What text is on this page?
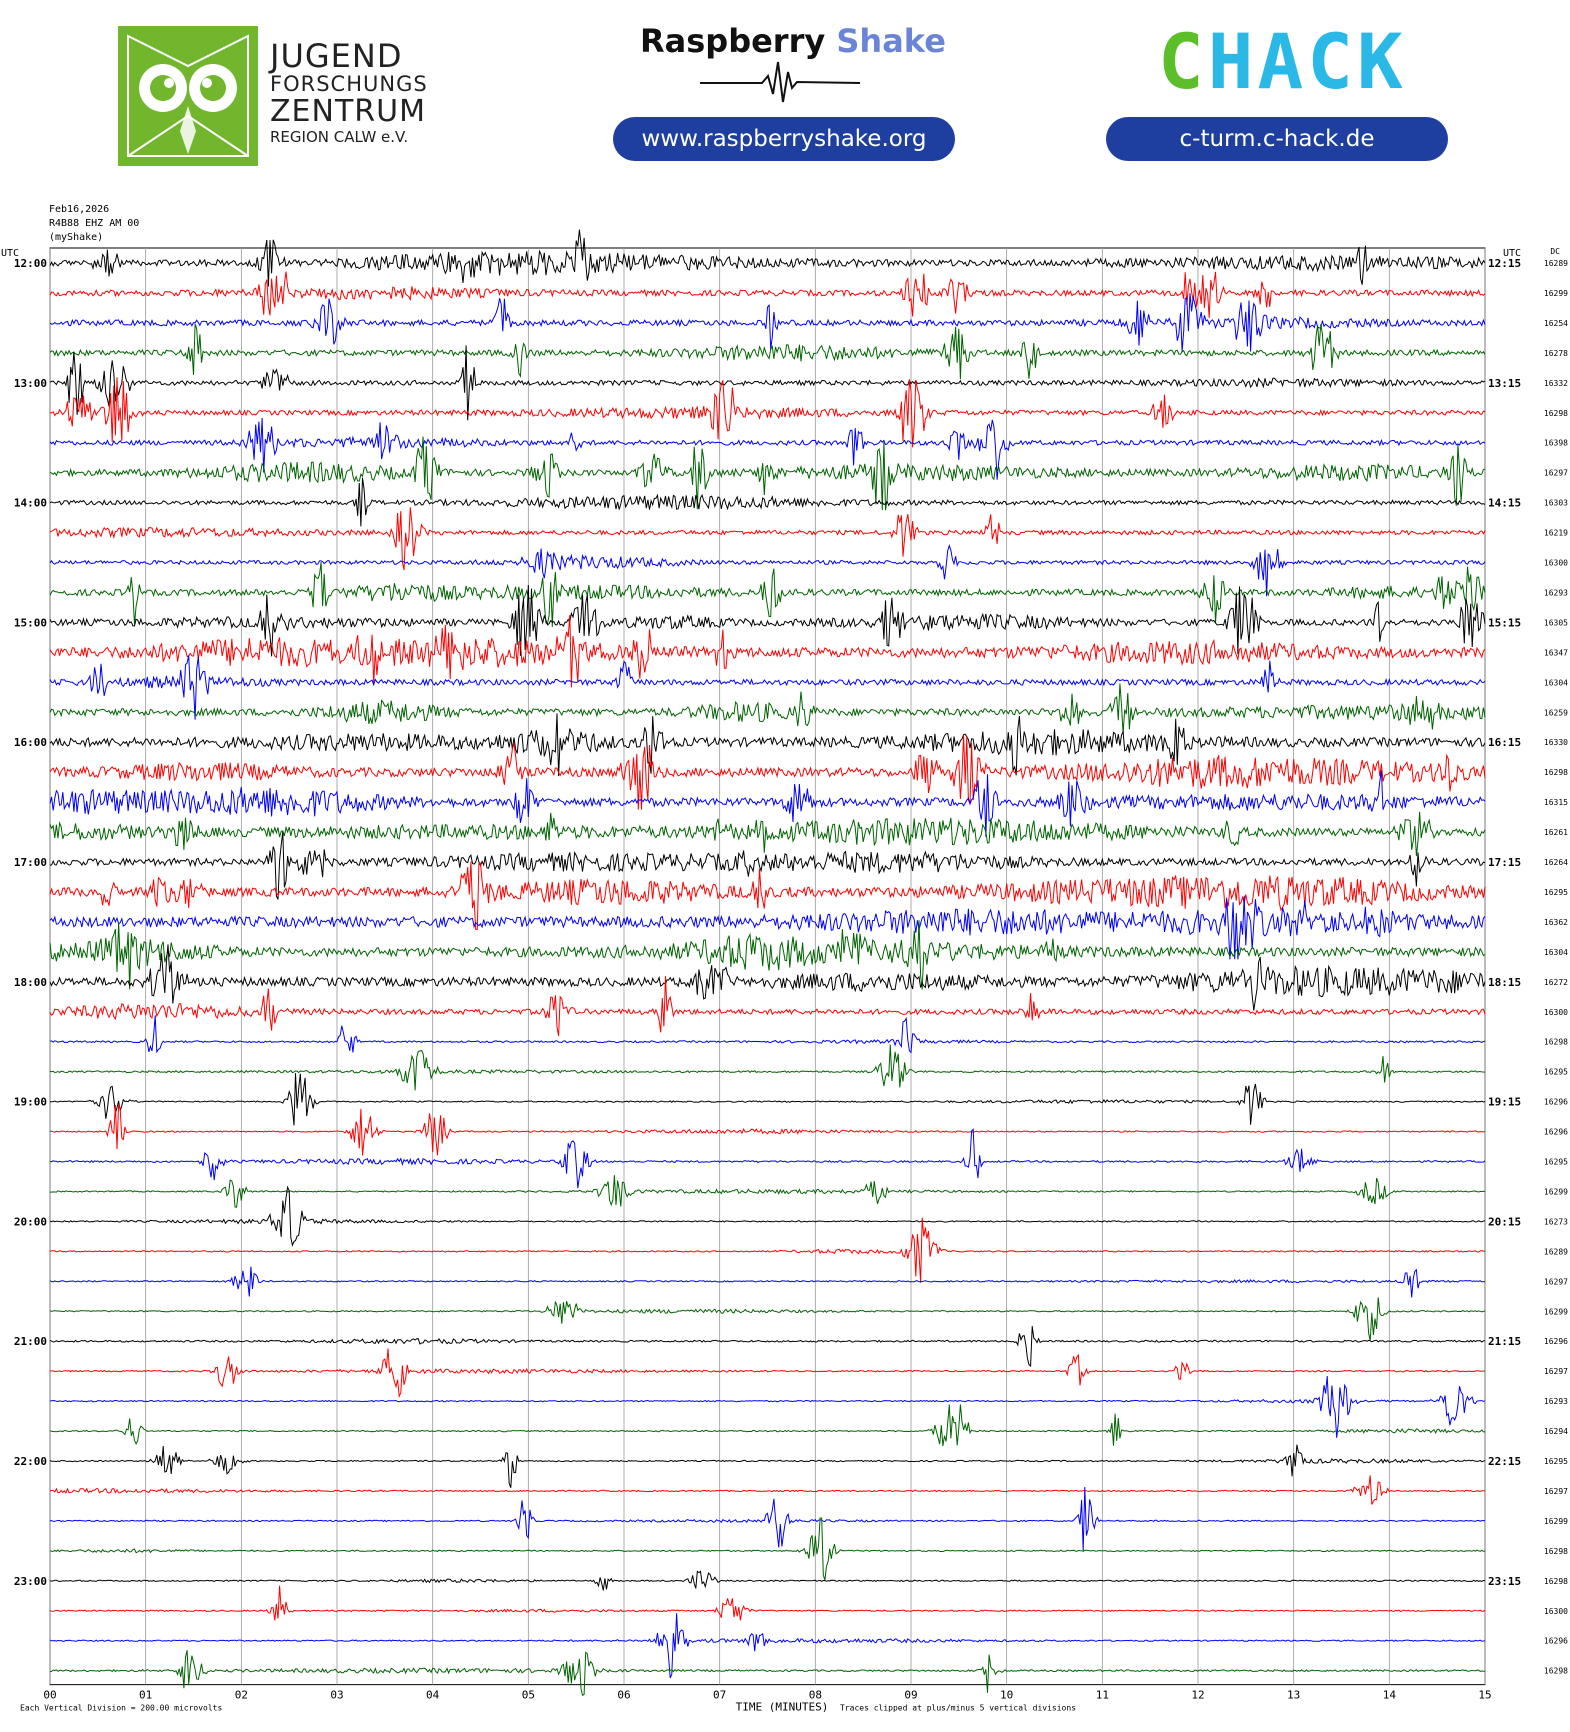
JUGEND
FORSCHUNGS
ZENTRUM
REGION CALW e.V.
Raspberry Shake
www.raspberryshake.org
CHACK
c-turm.c-hack.de
Feb16,2026
R4B88 EHZ AM 00
(myShake)
12:00
13:00
14:00
15:00
16:00
17:00
18:00
19:00
20:00
21:00
22:00
23:00
12:15
13:15
14:15
15:15
16:15
17:15
18:15
19:15
20:15
21:15
22:15
23:15
16289
16299
16254
16278
16332
16298
16398
16297
16303
16219
16300
16293
16305
16347
16304
16259
16330
16298
16315
16261
16264
16295
16362
16304
16272
16300
16298
16295
16296
16296
16295
16299
16273
16289
16297
16299
16296
16297
16293
16294
16295
16297
16299
16298
16298
16300
16296
16298
00	01	02	03	04	05	06	07	08	09	10	11	12	13	14	15
UTC	UTC	DC
TIME (MINUTES)
Each Vertical Division = 200.00 microvolts	Traces clipped at plus/minus 5 vertical divisions
